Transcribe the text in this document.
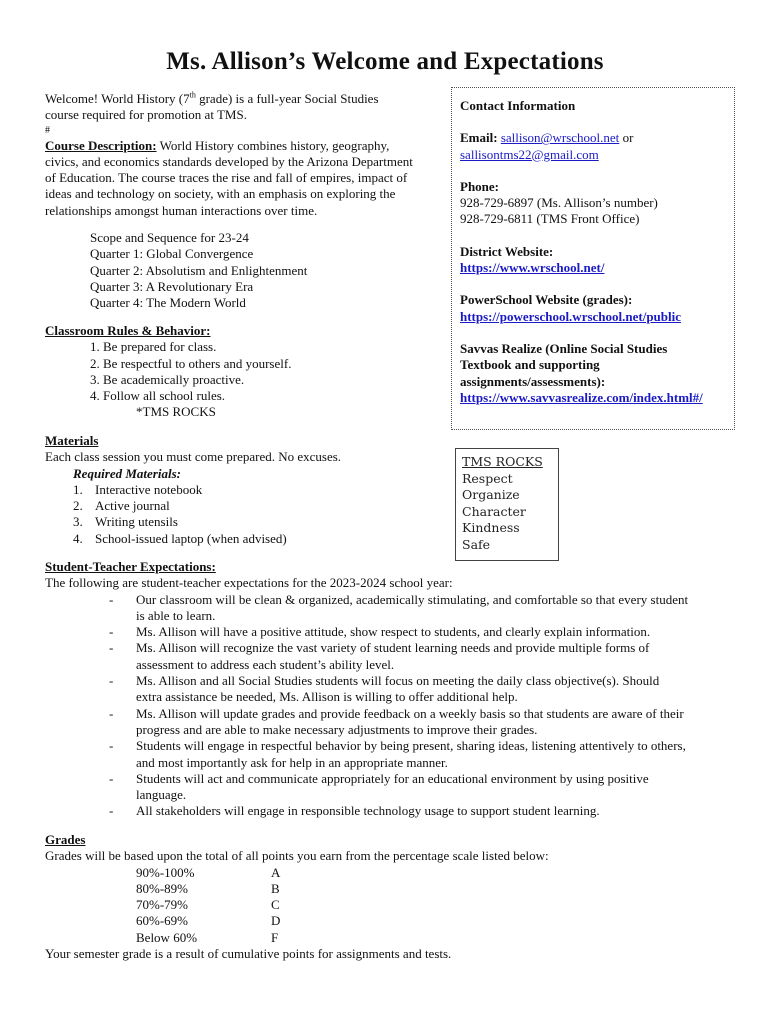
Ms. Allison’s Welcome and Expectations
Welcome! World History (7th grade) is a full-year Social Studies
course required for promotion at TMS.
#
Course Description: World History combines history, geography,
civics, and economics standards developed by the Arizona Department
of Education. The course traces the rise and fall of empires, impact of
ideas and technology on society, with an emphasis on exploring the
relationships amongst human interactions over time.
Scope and Sequence for 23-24
Quarter 1: Global Convergence
Quarter 2: Absolutism and Enlightenment
Quarter 3: A Revolutionary Era
Quarter 4: The Modern World
Classroom Rules & Behavior:
1. Be prepared for class.
2. Be respectful to others and yourself.
3. Be academically proactive.
4. Follow all school rules.
*TMS ROCKS
Materials
Each class session you must come prepared. No excuses.
Required Materials:
1. Interactive notebook
2. Active journal
3. Writing utensils
4. School-issued laptop (when advised)
Contact Information
Email: sallison@wrschool.net or
sallisontms22@gmail.com
Phone:
928-729-6897 (Ms. Allison’s number)
928-729-6811 (TMS Front Office)
District Website:
https://www.wrschool.net/
PowerSchool Website (grades):
https://powerschool.wrschool.net/public
Savvas Realize (Online Social Studies
Textbook and supporting
assignments/assessments):
https://www.savvasrealize.com/index.html#/
TMS ROCKS
Respect
Organize
Character
Kindness
Safe
Student-Teacher Expectations:
The following are student-teacher expectations for the 2023-2024 school year:
-	Our classroom will be clean & organized, academically stimulating, and comfortable so that every student
is able to learn.
-	Ms. Allison will have a positive attitude, show respect to students, and clearly explain information.
-	Ms. Allison will recognize the vast variety of student learning needs and provide multiple forms of
assessment to address each student’s ability level.
-	Ms. Allison and all Social Studies students will focus on meeting the daily class objective(s). Should
extra assistance be needed, Ms. Allison is willing to offer additional help.
-	Ms. Allison will update grades and provide feedback on a weekly basis so that students are aware of their
progress and are able to make necessary adjustments to improve their grades.
-	Students will engage in respectful behavior by being present, sharing ideas, listening attentively to others,
and most importantly ask for help in an appropriate manner.
-	Students will act and communicate appropriately for an educational environment by using positive
language.
-	All stakeholders will engage in responsible technology usage to support student learning.
Grades
Grades will be based upon the total of all points you earn from the percentage scale listed below:
90%-100%	A
80%-89%	B
70%-79%	C
60%-69%	D
Below 60%	F
Your semester grade is a result of cumulative points for assignments and tests.
